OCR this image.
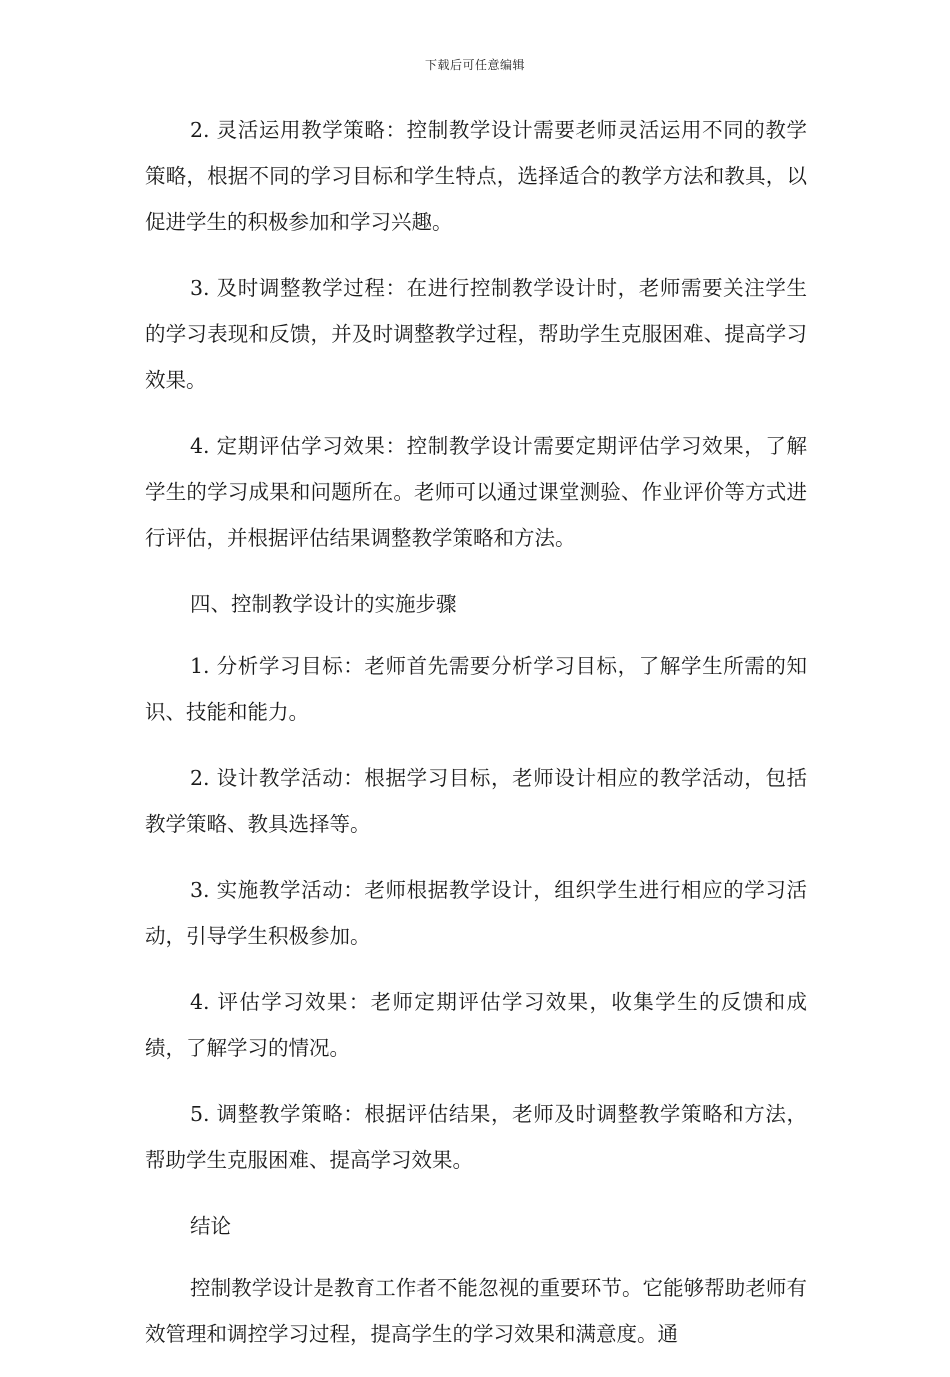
下载后可任意编辑

2. 灵活运用教学策略：控制教学设计需要老师灵活运用不同的教学策略，根据不同的学习目标和学生特点，选择适合的教学方法和教具，以促进学生的积极参加和学习兴趣。

3. 及时调整教学过程：在进行控制教学设计时，老师需要关注学生的学习表现和反馈，并及时调整教学过程，帮助学生克服困难、提高学习效果。

4. 定期评估学习效果：控制教学设计需要定期评估学习效果，了解学生的学习成果和问题所在。老师可以通过课堂测验、作业评价等方式进行评估，并根据评估结果调整教学策略和方法。

四、控制教学设计的实施步骤

1. 分析学习目标：老师首先需要分析学习目标，了解学生所需的知识、技能和能力。

2. 设计教学活动：根据学习目标，老师设计相应的教学活动，包括教学策略、教具选择等。

3. 实施教学活动：老师根据教学设计，组织学生进行相应的学习活动，引导学生积极参加。

4. 评估学习效果：老师定期评估学习效果，收集学生的反馈和成绩，了解学习的情况。

5. 调整教学策略：根据评估结果，老师及时调整教学策略和方法，帮助学生克服困难、提高学习效果。

结论

控制教学设计是教育工作者不能忽视的重要环节。它能够帮助老师有效管理和调控学习过程，提高学生的学习效果和满意度。通
